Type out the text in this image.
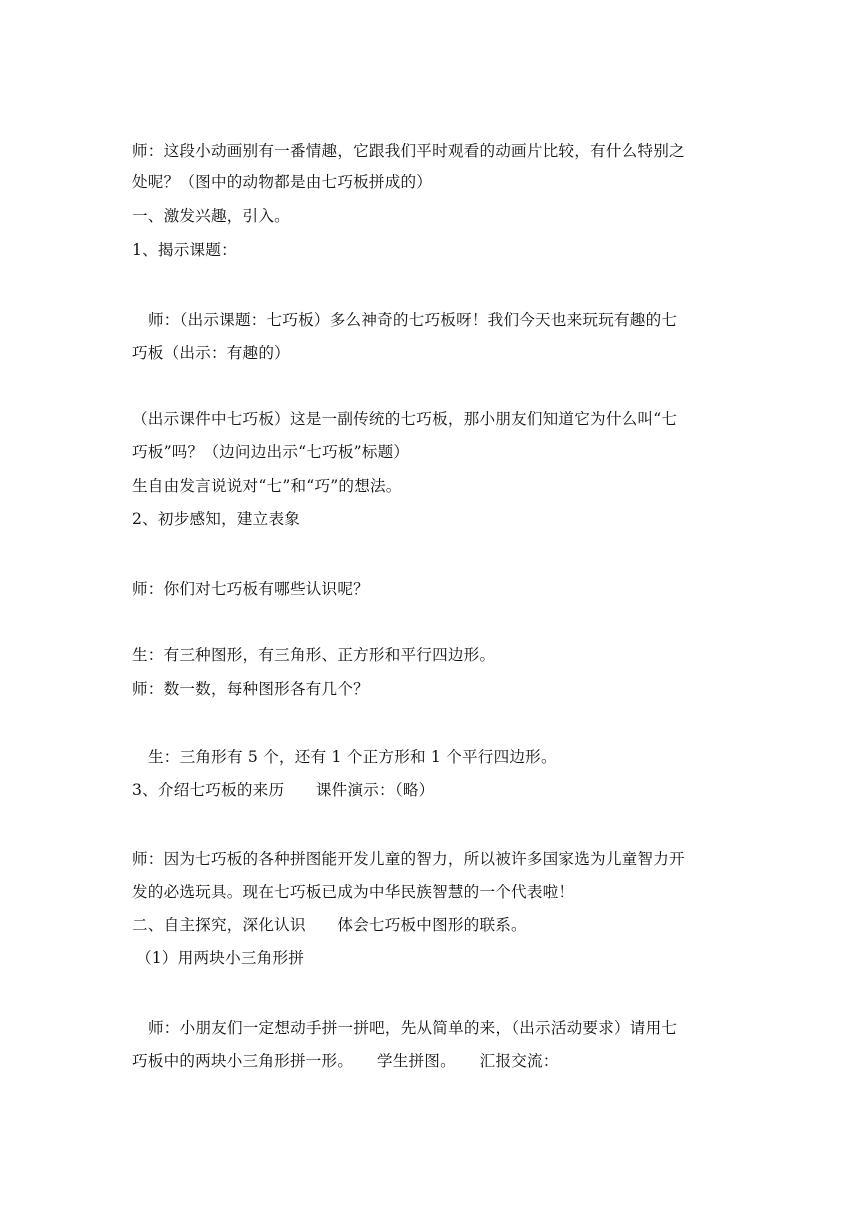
师：这段小动画别有一番情趣，它跟我们平时观看的动画片比较，有什么特别之
处呢？（图中的动物都是由七巧板拼成的）
一、激发兴趣，引入。
1、揭示课题：
师：（出示课题：七巧板）多么神奇的七巧板呀！我们今天也来玩玩有趣的七
巧板（出示：有趣的）
（出示课件中七巧板）这是一副传统的七巧板，那小朋友们知道它为什么叫“七
巧板”吗？（边问边出示“七巧板”标题）
生自由发言说说对“七”和“巧”的想法。
2、初步感知，建立表象
师：你们对七巧板有哪些认识呢？
生：有三种图形，有三角形、正方形和平行四边形。
师：数一数，每种图形各有几个？
生：三角形有 5 个，还有 1 个正方形和 1 个平行四边形。
3、介绍七巧板的来历　　课件演示：（略）
师：因为七巧板的各种拼图能开发儿童的智力，所以被许多国家选为儿童智力开
发的必选玩具。现在七巧板已成为中华民族智慧的一个代表啦！
二、自主探究，深化认识　　体会七巧板中图形的联系。
（1）用两块小三角形拼
师：小朋友们一定想动手拼一拼吧，先从简单的来，（出示活动要求）请用七
巧板中的两块小三角形拼一形。　　学生拼图。　　汇报交流：
